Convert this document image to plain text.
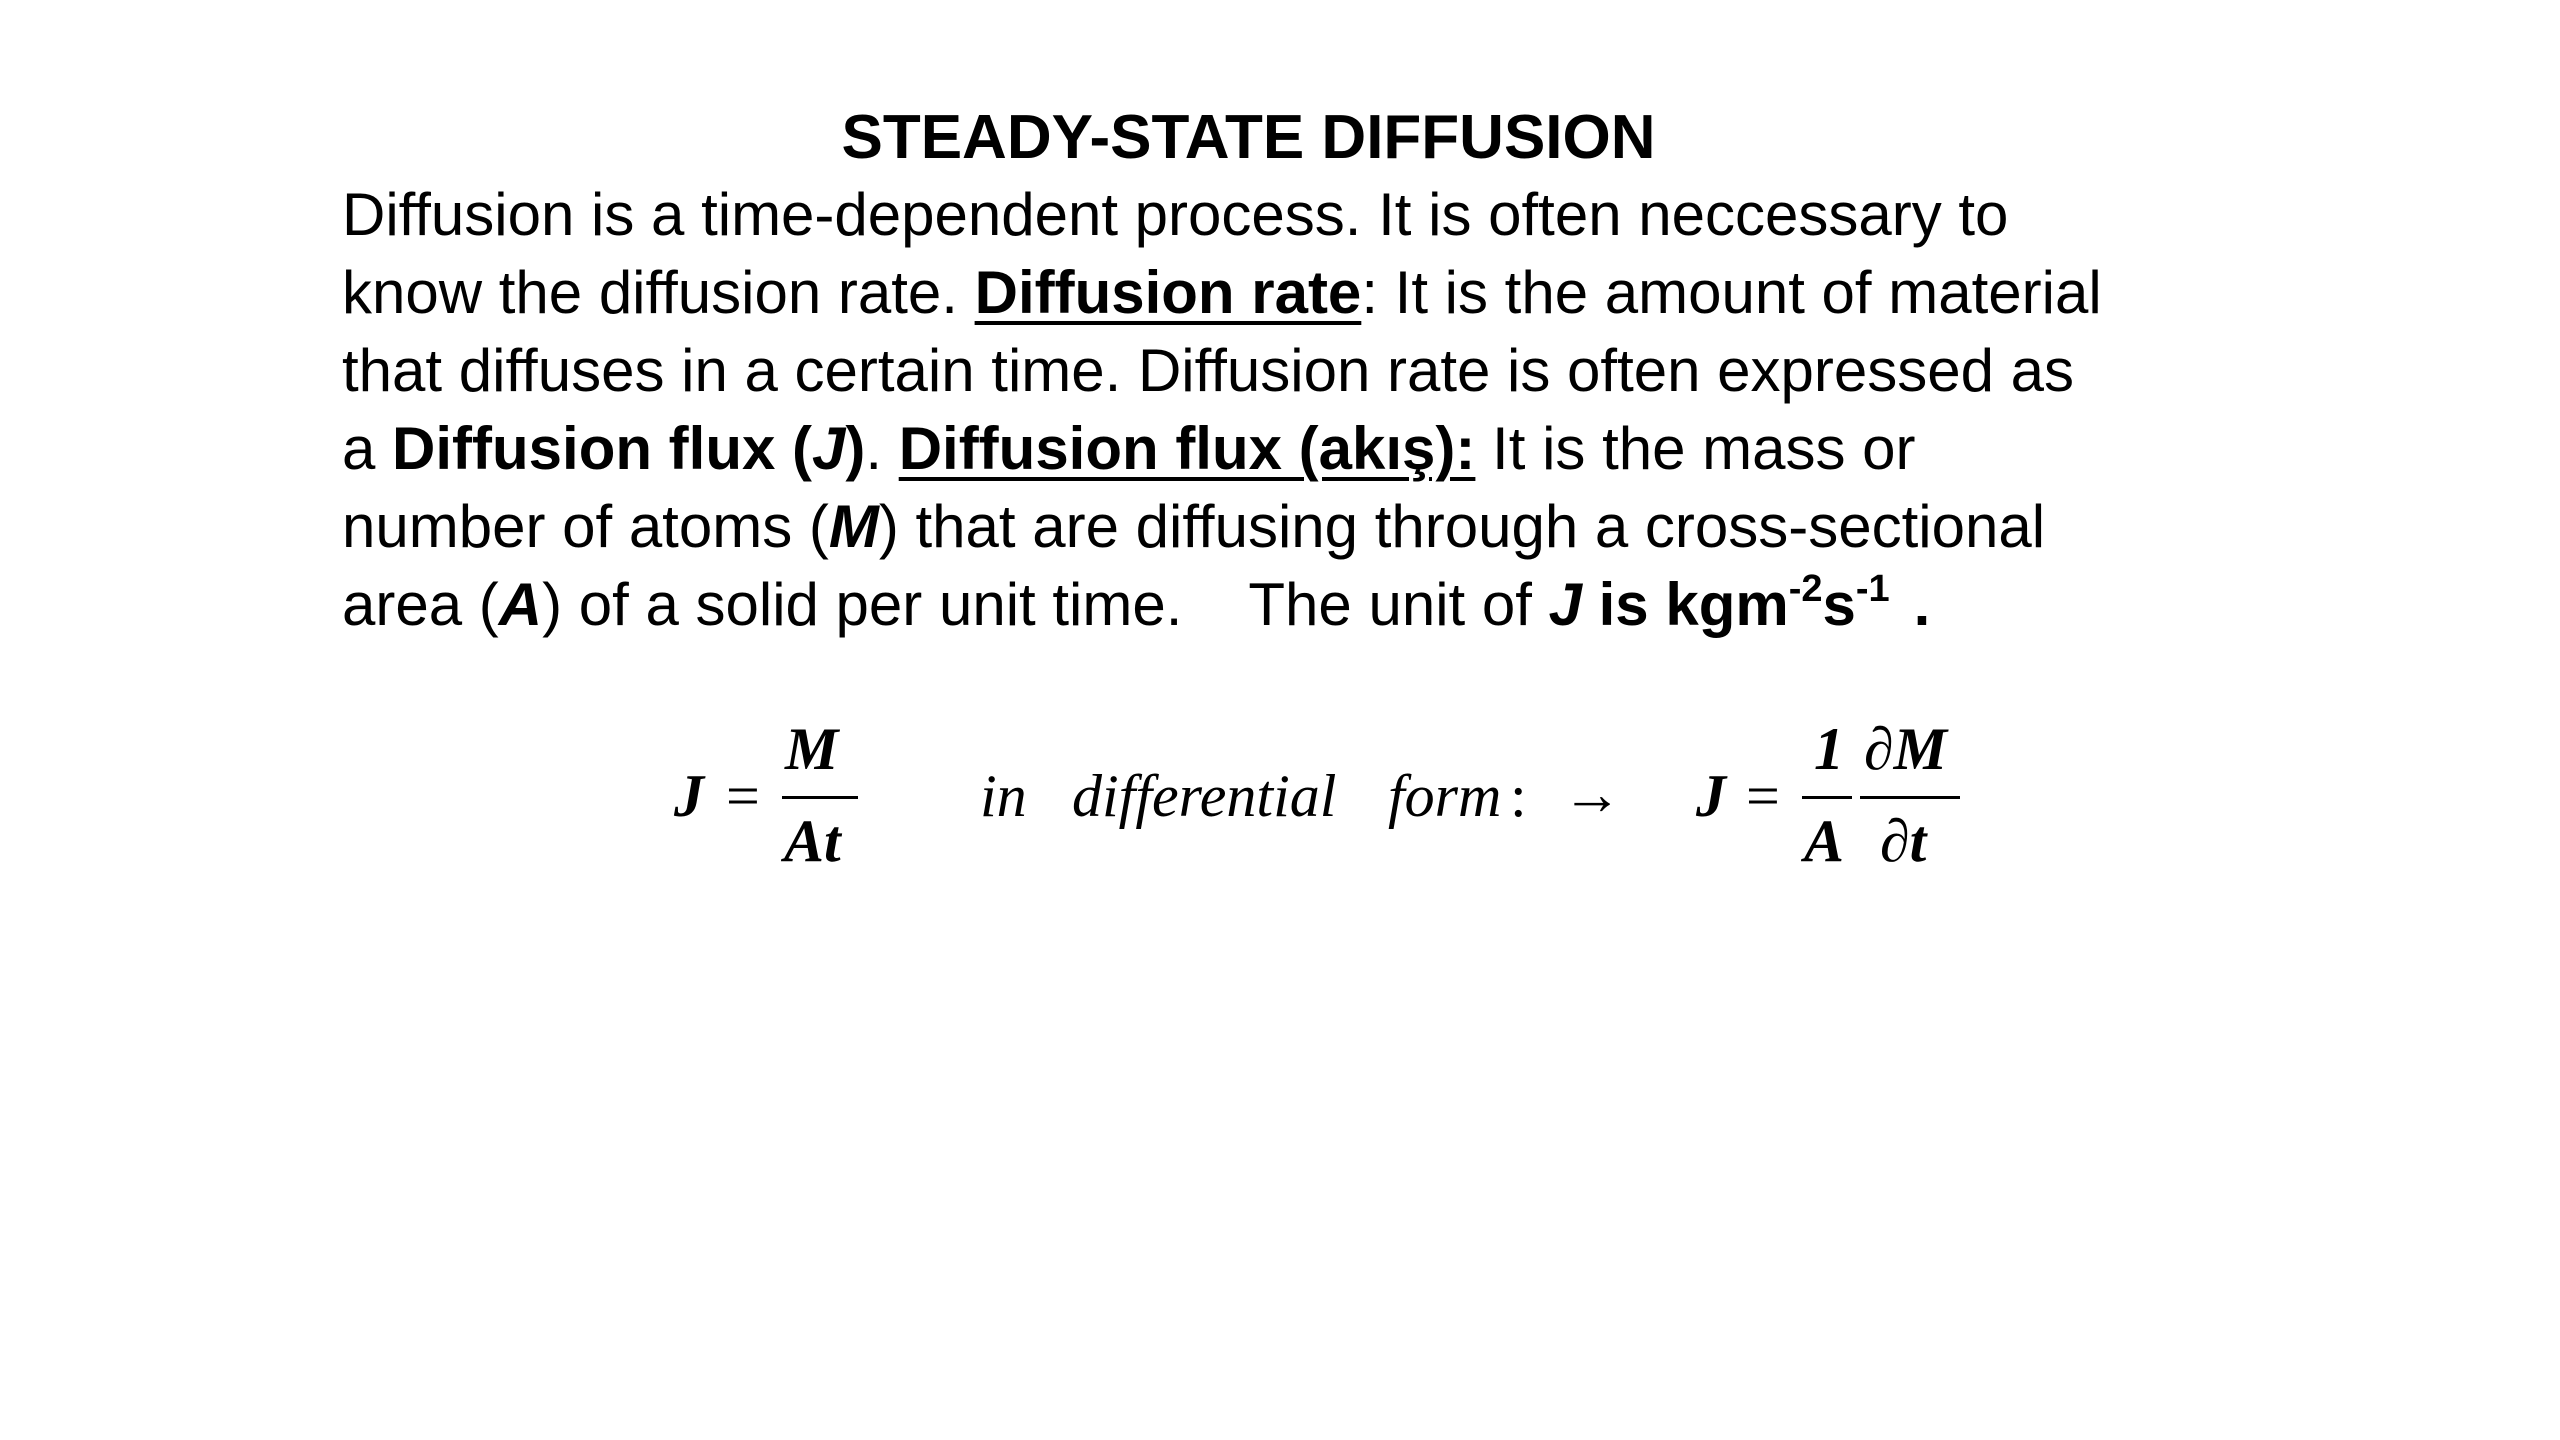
STEADY-STATE DIFFUSION
Diffusion is a time-dependent process. It is often neccessary to
know the diffusion rate. Diffusion rate: It is the amount of material
that diffuses in a certain time. Diffusion rate is often expressed as
a Diffusion flux (J). Diffusion flux (akış): It is the mass or
number of atoms (M) that are diffusing through a cross-sectional
area (A) of a solid per unit time. The unit of J is $kgm^{-2}s^{-1}$ .
J =
M
At
in differential form : → J =
1
A
∂M
∂t
